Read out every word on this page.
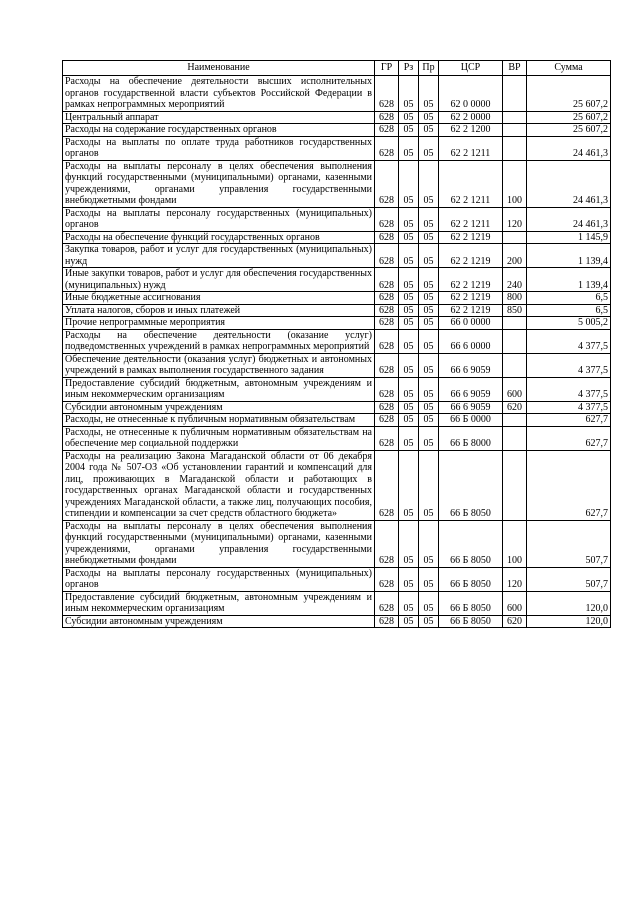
Наименование	ГР	Рз	Пр	ЦСР	ВР	Сумма
Расходы на обеспечение деятельности высших исполнительных органов государственной власти субъектов Российской Федерации в рамках непрограммных мероприятий	628	05	05	62 0 0000		25 607,2
Центральный аппарат	628	05	05	62 2 0000		25 607,2
Расходы на содержание государственных органов	628	05	05	62 2 1200		25 607,2
Расходы на выплаты по оплате труда работников государственных органов	628	05	05	62 2 1211		24 461,3
Расходы на выплаты персоналу в целях обеспечения выполнения функций государственными (муниципальными) органами, казенными учреждениями, органами управления государственными внебюджетными фондами	628	05	05	62 2 1211	100	24 461,3
Расходы на выплаты персоналу государственных (муниципальных) органов	628	05	05	62 2 1211	120	24 461,3
Расходы на обеспечение функций государственных органов	628	05	05	62 2 1219		1 145,9
Закупка товаров, работ и услуг для государственных (муниципальных) нужд	628	05	05	62 2 1219	200	1 139,4
Иные закупки товаров, работ и услуг для обеспечения государственных (муниципальных) нужд	628	05	05	62 2 1219	240	1 139,4
Иные бюджетные ассигнования	628	05	05	62 2 1219	800	6,5
Уплата налогов, сборов и иных платежей	628	05	05	62 2 1219	850	6,5
Прочие непрограммные мероприятия	628	05	05	66 0 0000		5 005,2
Расходы на обеспечение деятельности (оказание услуг) подведомственных учреждений в рамках непрограммных мероприятий	628	05	05	66 6 0000		4 377,5
Обеспечение деятельности (оказания услуг) бюджетных и автономных учреждений в рамках выполнения государственного задания	628	05	05	66 6 9059		4 377,5
Предоставление субсидий бюджетным, автономным учреждениям и иным некоммерческим организациям	628	05	05	66 6 9059	600	4 377,5
Субсидии автономным учреждениям	628	05	05	66 6 9059	620	4 377,5
Расходы, не отнесенные к публичным нормативным обязательствам	628	05	05	66 Б 0000		627,7
Расходы, не отнесенные к публичным нормативным обязательствам на обеспечение мер социальной поддержки	628	05	05	66 Б 8000		627,7
Расходы на реализацию Закона Магаданской области от 06 декабря 2004 года № 507-ОЗ «Об установлении гарантий и компенсаций для лиц, проживающих в Магаданской области и работающих в государственных органах Магаданской области и государственных учреждениях Магаданской области, а также лиц, получающих пособия, стипендии и компенсации за счет средств областного бюджета»	628	05	05	66 Б 8050		627,7
Расходы на выплаты персоналу в целях обеспечения выполнения функций государственными (муниципальными) органами, казенными учреждениями, органами управления государственными внебюджетными фондами	628	05	05	66 Б 8050	100	507,7
Расходы на выплаты персоналу государственных (муниципальных) органов	628	05	05	66 Б 8050	120	507,7
Предоставление субсидий бюджетным, автономным учреждениям и иным некоммерческим организациям	628	05	05	66 Б 8050	600	120,0
Субсидии автономным учреждениям	628	05	05	66 Б 8050	620	120,0
